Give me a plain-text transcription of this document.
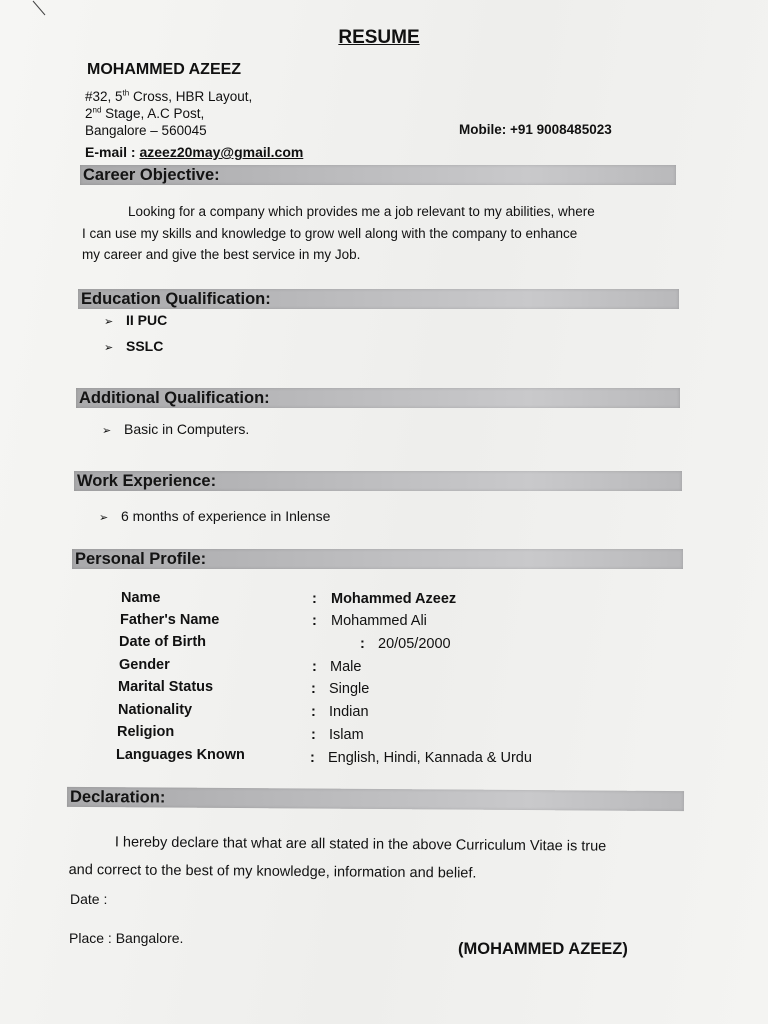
RESUME
MOHAMMED AZEEZ
#32, 5th Cross, HBR Layout,
2nd Stage, A.C Post,
Bangalore – 560045	Mobile: +91 9008485023
E-mail : azeez20may@gmail.com
Career Objective:
Looking for a company which provides me a job relevant to my abilities, where
I can use my skills and knowledge to grow well along with the company to enhance
my career and give the best service in my Job.
Education Qualification:
➢ II PUC
➢ SSLC
Additional Qualification:
➢ Basic in Computers.
Work Experience:
➢ 6 months of experience in Inlense
Personal Profile:
Name	: Mohammed Azeez
Father's Name	: Mohammed Ali
Date of Birth	: 20/05/2000
Gender	: Male
Marital Status	: Single
Nationality	: Indian
Religion	: Islam
Languages Known	: English, Hindi, Kannada & Urdu
Declaration:
I hereby declare that what are all stated in the above Curriculum Vitae is true
and correct to the best of my knowledge, information and belief.
Date :
Place : Bangalore.
(MOHAMMED AZEEZ)
